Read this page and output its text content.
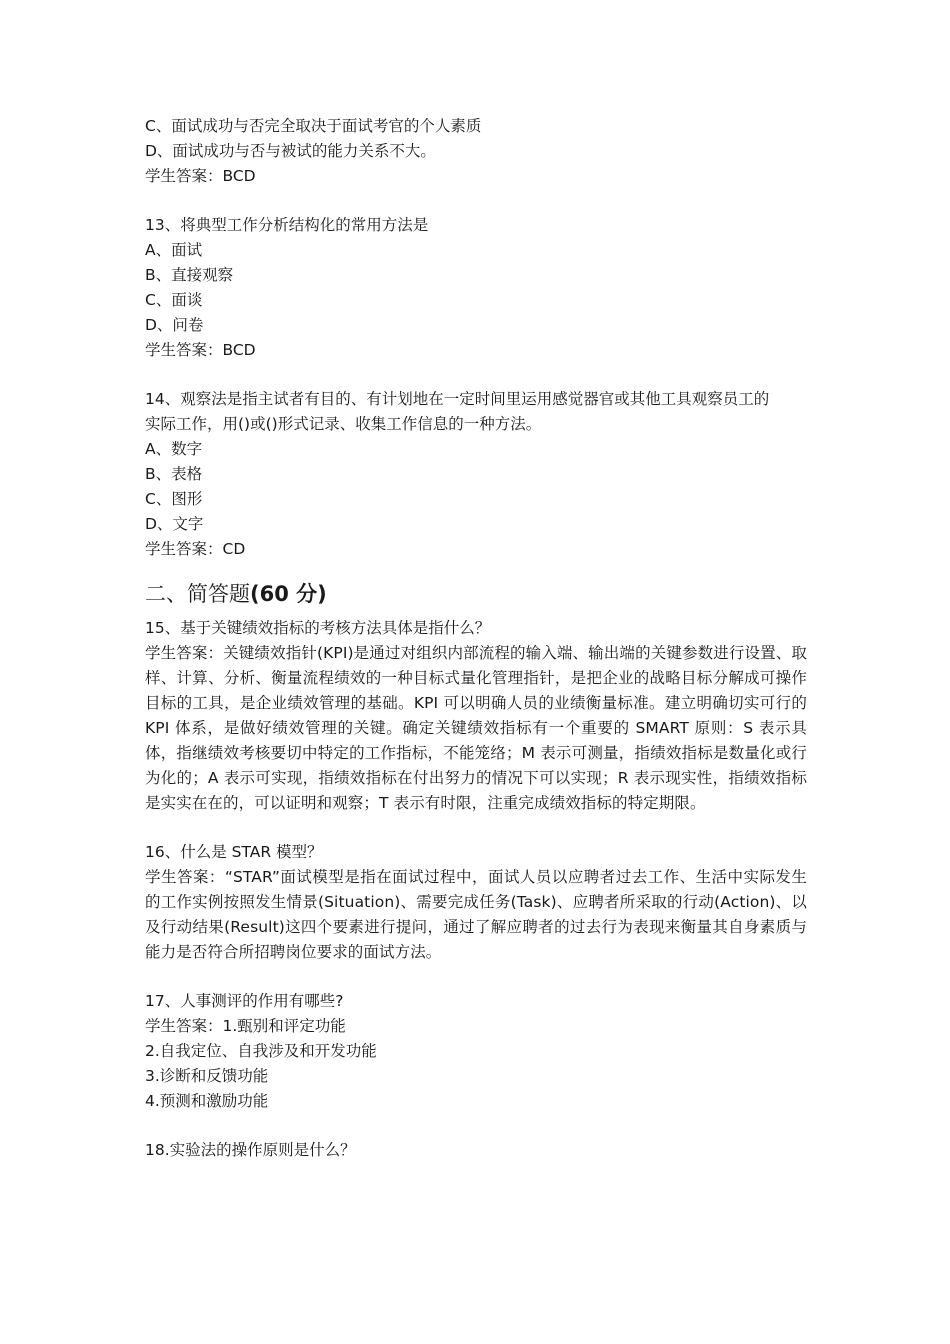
C、面试成功与否完全取决于面试考官的个人素质
D、面试成功与否与被试的能力关系不大。
学生答案：BCD
13、将典型工作分析结构化的常用方法是
A、面试
B、直接观察
C、面谈
D、问卷
学生答案：BCD
14、观察法是指主试者有目的、有计划地在一定时间里运用感觉器官或其他工具观察员工的
实际工作，用()或()形式记录、收集工作信息的一种方法。
A、数字
B、表格
C、图形
D、文字
学生答案：CD
二、简答题(60 分)
15、基于关键绩效指标的考核方法具体是指什么？
学生答案：关键绩效指针(KPI)是通过对组织内部流程的输入端、输出端的关键参数进行设置、取样、计算、分析、衡量流程绩效的一种目标式量化管理指针，是把企业的战略目标分解成可操作目标的工具，是企业绩效管理的基础。KPI 可以明确人员的业绩衡量标准。建立明确切实可行的 KPI 体系，是做好绩效管理的关键。确定关键绩效指标有一个重要的 SMART 原则：S 表示具体，指继绩效考核要切中特定的工作指标，不能笼络；M 表示可测量，指绩效指标是数量化或行为化的；A 表示可实现，指绩效指标在付出努力的情况下可以实现；R 表示现实性，指绩效指标是实实在在的，可以证明和观察；T 表示有时限，注重完成绩效指标的特定期限。
16、什么是 STAR 模型？
学生答案：“STAR”面试模型是指在面试过程中，面试人员以应聘者过去工作、生活中实际发生的工作实例按照发生情景(Situation)、需要完成任务(Task)、应聘者所采取的行动(Action)、以及行动结果(Result)这四个要素进行提问，通过了解应聘者的过去行为表现来衡量其自身素质与能力是否符合所招聘岗位要求的面试方法。
17、人事测评的作用有哪些?
学生答案：1.甄别和评定功能
2.自我定位、自我涉及和开发功能
3.诊断和反馈功能
4.预测和激励功能
18.实验法的操作原则是什么？
